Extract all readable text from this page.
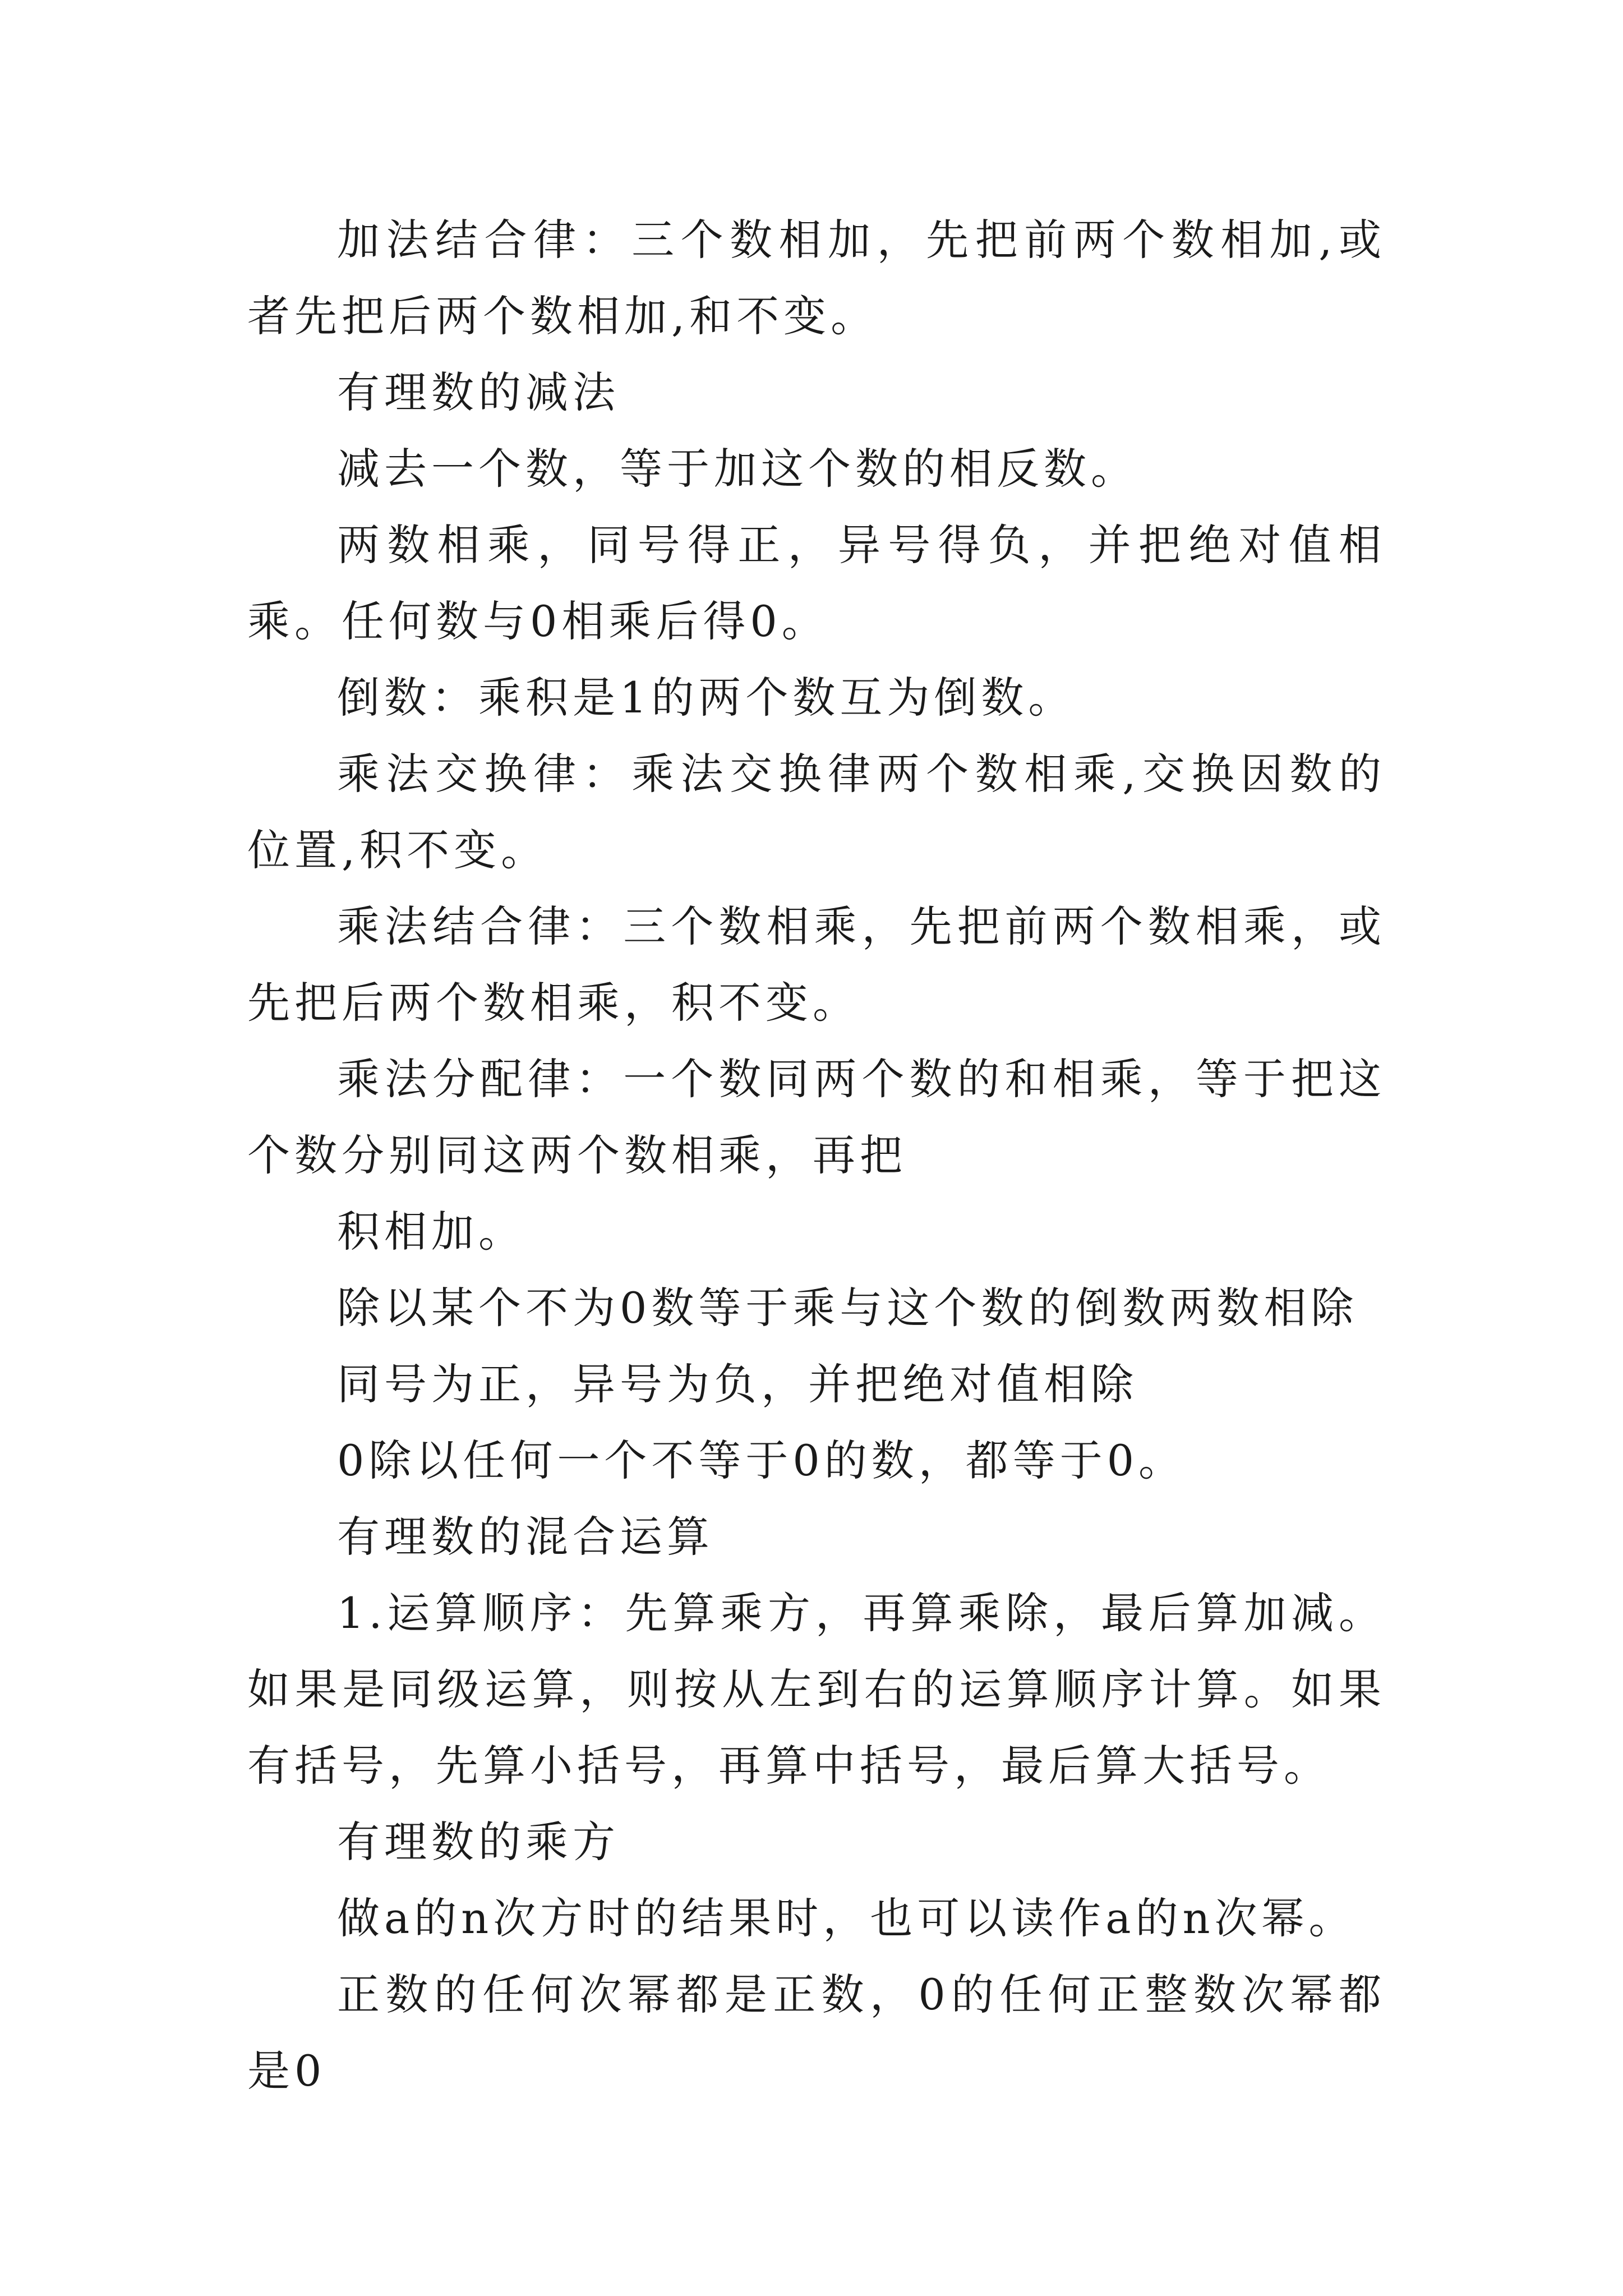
加法结合律：三个数相加，先把前两个数相加,或者先把后两个数相加,和不变。

有理数的减法

减去一个数，等于加这个数的相反数。

两数相乘，同号得正，异号得负，并把绝对值相乘。任何数与0相乘后得0。

倒数：乘积是1的两个数互为倒数。

乘法交换律：乘法交换律两个数相乘,交换因数的位置,积不变。

乘法结合律：三个数相乘，先把前两个数相乘，或先把后两个数相乘，积不变。

乘法分配律：一个数同两个数的和相乘，等于把这个数分别同这两个数相乘，再把

积相加。

除以某个不为0数等于乘与这个数的倒数两数相除

同号为正，异号为负，并把绝对值相除

0除以任何一个不等于0的数，都等于0。

有理数的混合运算

1.运算顺序：先算乘方，再算乘除，最后算加减。如果是同级运算，则按从左到右的运算顺序计算。如果有括号，先算小括号，再算中括号，最后算大括号。

有理数的乘方

做a的n次方时的结果时，也可以读作a的n次幂。

正数的任何次幂都是正数，0的任何正整数次幂都是0
